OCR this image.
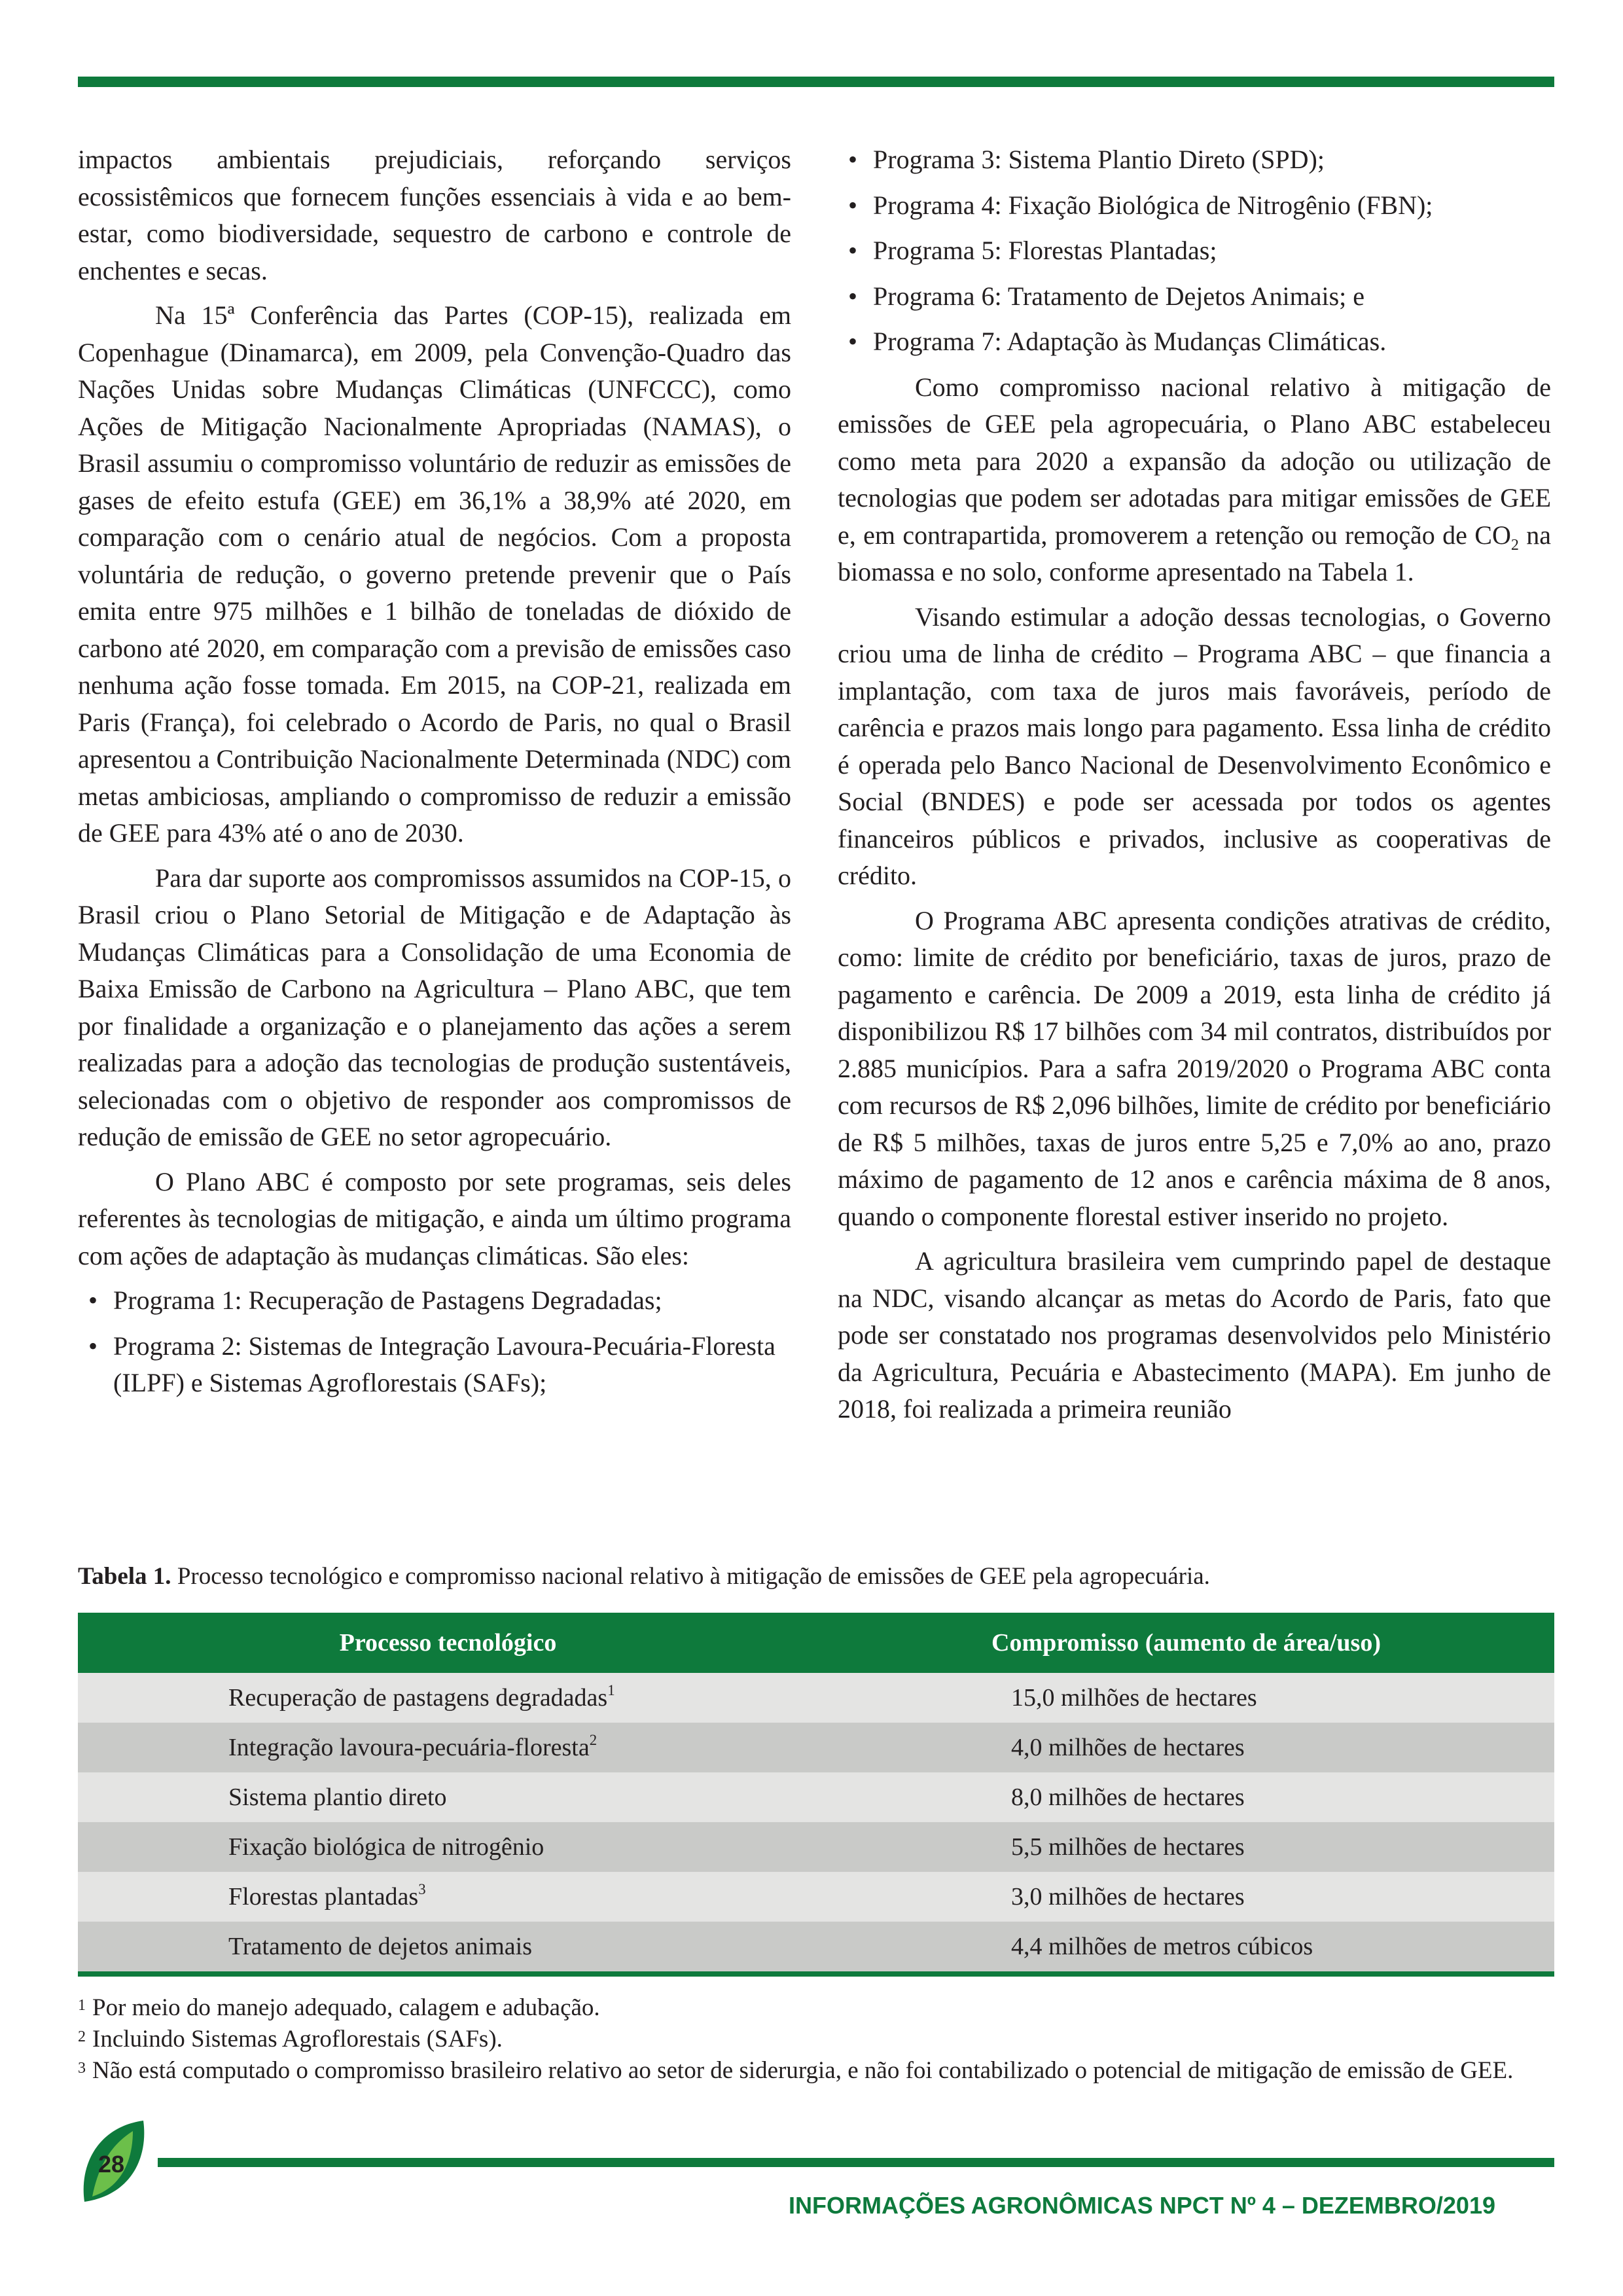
impactos ambientais prejudiciais, reforçando serviços ecossistêmicos que fornecem funções essenciais à vida e ao bem-estar, como biodiversidade, sequestro de carbono e controle de enchentes e secas.

Na 15ª Conferência das Partes (COP-15), realizada em Copenhague (Dinamarca), em 2009, pela Convenção-Quadro das Nações Unidas sobre Mudanças Climáticas (UNFCCC), como Ações de Mitigação Nacionalmente Apropriadas (NAMAS), o Brasil assumiu o compromisso voluntário de reduzir as emissões de gases de efeito estufa (GEE) em 36,1% a 38,9% até 2020, em comparação com o cenário atual de negócios. Com a proposta voluntária de redução, o governo pretende prevenir que o País emita entre 975 milhões e 1 bilhão de toneladas de dióxido de carbono até 2020, em comparação com a previsão de emissões caso nenhuma ação fosse tomada. Em 2015, na COP-21, realizada em Paris (França), foi celebrado o Acordo de Paris, no qual o Brasil apresentou a Contribuição Nacionalmente Determinada (NDC) com metas ambiciosas, ampliando o compromisso de reduzir a emissão de GEE para 43% até o ano de 2030.

Para dar suporte aos compromissos assumidos na COP-15, o Brasil criou o Plano Setorial de Mitigação e de Adaptação às Mudanças Climáticas para a Consolidação de uma Economia de Baixa Emissão de Carbono na Agricultura – Plano ABC, que tem por finalidade a organização e o planejamento das ações a serem realizadas para a adoção das tecnologias de produção sustentáveis, selecionadas com o objetivo de responder aos compromissos de redução de emissão de GEE no setor agropecuário.

O Plano ABC é composto por sete programas, seis deles referentes às tecnologias de mitigação, e ainda um último programa com ações de adaptação às mudanças climáticas. São eles:

• Programa 1: Recuperação de Pastagens Degradadas;
• Programa 2: Sistemas de Integração Lavoura-Pecuária-Floresta (ILPF) e Sistemas Agroflorestais (SAFs);
• Programa 3: Sistema Plantio Direto (SPD);
• Programa 4: Fixação Biológica de Nitrogênio (FBN);
• Programa 5: Florestas Plantadas;
• Programa 6: Tratamento de Dejetos Animais; e
• Programa 7: Adaptação às Mudanças Climáticas.

Como compromisso nacional relativo à mitigação de emissões de GEE pela agropecuária, o Plano ABC estabeleceu como meta para 2020 a expansão da adoção ou utilização de tecnologias que podem ser adotadas para mitigar emissões de GEE e, em contrapartida, promoverem a retenção ou remoção de $CO_2$ na biomassa e no solo, conforme apresentado na Tabela 1.

Visando estimular a adoção dessas tecnologias, o Governo criou uma de linha de crédito – Programa ABC – que financia a implantação, com taxa de juros mais favoráveis, período de carência e prazos mais longo para pagamento. Essa linha de crédito é operada pelo Banco Nacional de Desenvolvimento Econômico e Social (BNDES) e pode ser acessada por todos os agentes financeiros públicos e privados, inclusive as cooperativas de crédito.

O Programa ABC apresenta condições atrativas de crédito, como: limite de crédito por beneficiário, taxas de juros, prazo de pagamento e carência. De 2009 a 2019, esta linha de crédito já disponibilizou R$ 17 bilhões com 34 mil contratos, distribuídos por 2.885 municípios. Para a safra 2019/2020 o Programa ABC conta com recursos de R$ 2,096 bilhões, limite de crédito por beneficiário de R$ 5 milhões, taxas de juros entre 5,25 e 7,0% ao ano, prazo máximo de pagamento de 12 anos e carência máxima de 8 anos, quando o componente florestal estiver inserido no projeto.

A agricultura brasileira vem cumprindo papel de destaque na NDC, visando alcançar as metas do Acordo de Paris, fato que pode ser constatado nos programas desenvolvidos pelo Ministério da Agricultura, Pecuária e Abastecimento (MAPA). Em junho de 2018, foi realizada a primeira reunião

Tabela 1. Processo tecnológico e compromisso nacional relativo à mitigação de emissões de GEE pela agropecuária.
Processo tecnológico	Compromisso (aumento de área/uso)
Recuperação de pastagens degradadas$^1$	15,0 milhões de hectares
Integração lavoura-pecuária-floresta$^2$	4,0 milhões de hectares
Sistema plantio direto	8,0 milhões de hectares
Fixação biológica de nitrogênio	5,5 milhões de hectares
Florestas plantadas$^3$	3,0 milhões de hectares
Tratamento de dejetos animais	4,4 milhões de metros cúbicos
1 Por meio do manejo adequado, calagem e adubação.
2 Incluindo Sistemas Agroflorestais (SAFs).
3 Não está computado o compromisso brasileiro relativo ao setor de siderurgia, e não foi contabilizado o potencial de mitigação de emissão de GEE.
28
INFORMAÇÕES AGRONÔMICAS NPCT Nº 4 – DEZEMBRO/2019
